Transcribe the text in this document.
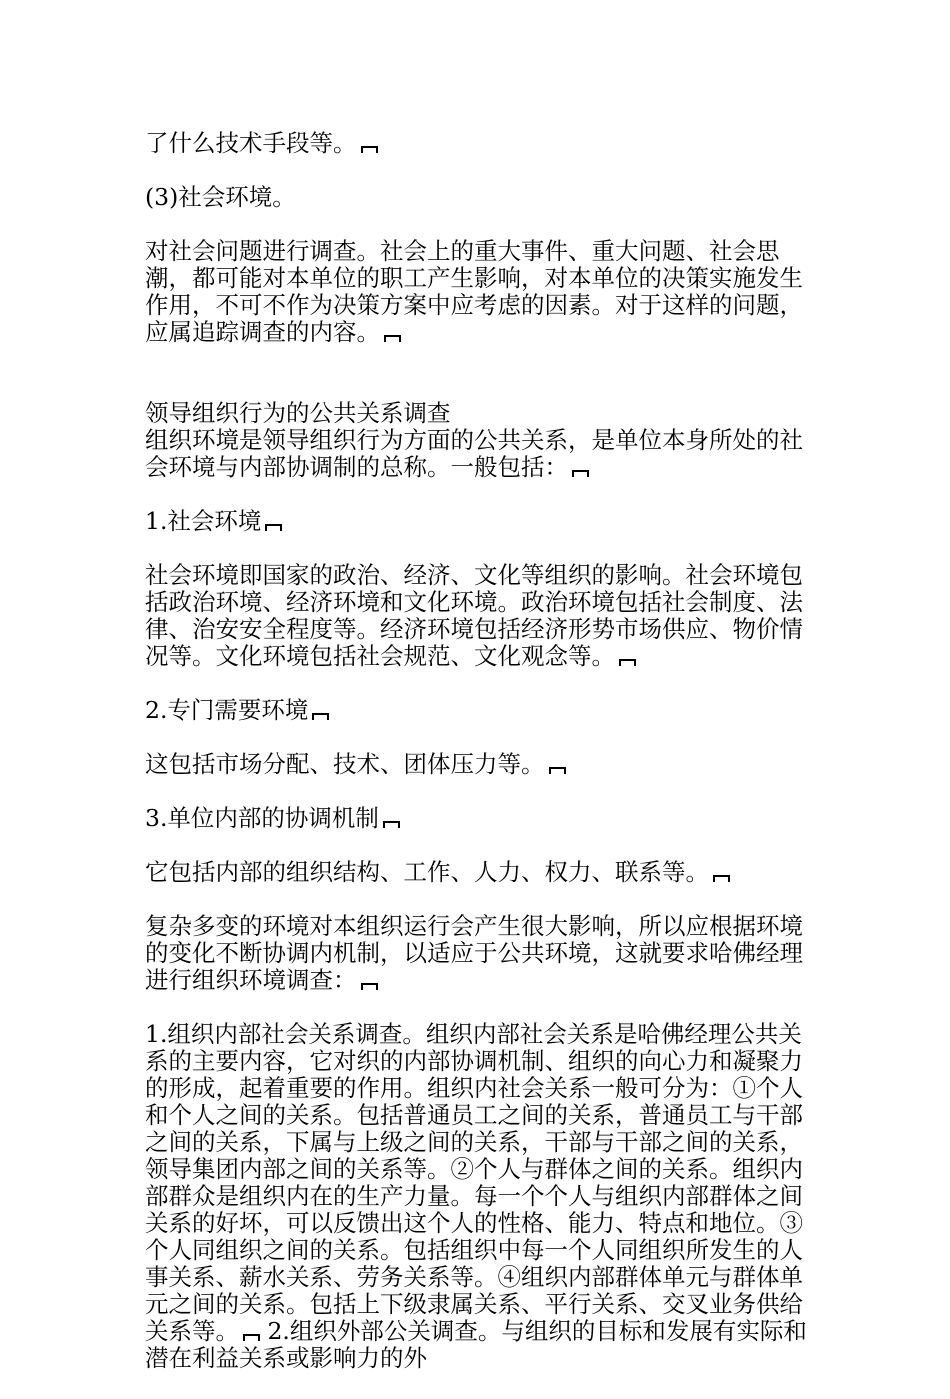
了什么技术手段等。

(3)社会环境。

对社会问题进行调查。社会上的重大事件、重大问题、社会思潮，都可能对本单位的职工产生影响，对本单位的决策实施发生作用，不可不作为决策方案中应考虑的因素。对于这样的问题，应属追踪调查的内容。

领导组织行为的公共关系调查

组织环境是领导组织行为方面的公共关系，是单位本身所处的社会环境与内部协调制的总称。一般包括：

1.社会环境

社会环境即国家的政治、经济、文化等组织的影响。社会环境包括政治环境、经济环境和文化环境。政治环境包括社会制度、法律、治安安全程度等。经济环境包括经济形势市场供应、物价情况等。文化环境包括社会规范、文化观念等。

2.专门需要环境

这包括市场分配、技术、团体压力等。

3.单位内部的协调机制

它包括内部的组织结构、工作、人力、权力、联系等。

复杂多变的环境对本组织运行会产生很大影响，所以应根据环境的变化不断协调内机制，以适应于公共环境，这就要求哈佛经理进行组织环境调查：

1.组织内部社会关系调查。组织内部社会关系是哈佛经理公共关系的主要内容，它对织的内部协调机制、组织的向心力和凝聚力的形成，起着重要的作用。组织内社会关系一般可分为：①个人和个人之间的关系。包括普通员工之间的关系，普通员工与干部之间的关系，下属与上级之间的关系，干部与干部之间的关系，领导集团内部之间的关系等。②个人与群体之间的关系。组织内部群众是组织内在的生产力量。每一个个人与组织内部群体之间关系的好坏，可以反馈出这个人的性格、能力、特点和地位。③个人同组织之间的关系。包括组织中每一个人同组织所发生的人事关系、薪水关系、劳务关系等。④组织内部群体单元与群体单元之间的关系。包括上下级隶属关系、平行关系、交叉业务供给关系等。 2.组织外部公关调查。与组织的目标和发展有实际和潜在利益关系或影响力的外
